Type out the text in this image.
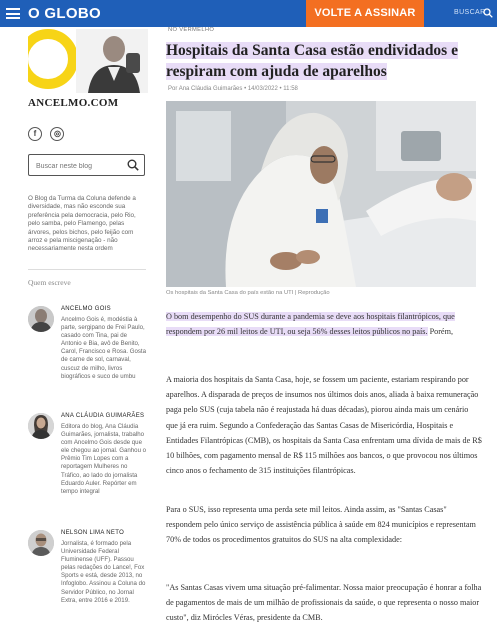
O GLOBO	VOLTE A ASSINAR	BUSCAR
ANCELMO.COM
f ◎
Buscar neste blog
O Blog da Turma da Coluna defende a diversidade, mas não esconde sua preferência pela democracia, pelo Rio, pelo samba, pelo Flamengo, pelas árvores, pelos bichos, pelo feijão com arroz e pela miscigenação - não necessariamente nesta ordem
Quem escreve
ANCELMO GOIS
Ancelmo Gois é, modéstia à parte, sergipano de Frei Paulo, casado com Tina, pai de Antonio e Bia, avô de Benito, Carol, Francisco e Rosa. Gosta de carne de sol, carnaval, cuscuz de milho, livros biográficos e suco de umbu
ANA CLÁUDIA GUIMARÃES
Editora do blog, Ana Cláudia Guimarães, jornalista, trabalho com Ancelmo Gois desde que ele chegou ao jornal. Ganhou o Prêmio Tim Lopes com a reportagem Mulheres no Tráfico, ao lado do jornalista Eduardo Auler. Repórter em tempo integral
NELSON LIMA NETO
Jornalista, é formado pela Universidade Federal Fluminense (UFF). Passou pelas redações do Lance!, Fox Sports e está, desde 2013, no Infoglobo. Assinou a Coluna do Servidor Público, no Jornal Extra, entre 2016 e 2019.
NO VERMELHO
Hospitais da Santa Casa estão endividados e respiram com ajuda de aparelhos
Por Ana Cláudia Guimarães • 14/03/2022 • 11:58
Os hospitais da Santa Casa do país estão na UTI | Reprodução

O bom desempenho do SUS durante a pandemia se deve aos hospitais filantrópicos, que respondem por 26 mil leitos de UTI, ou seja 56% desses leitos públicos no país. Porém,

A maioria dos hospitais da Santa Casa, hoje, se fossem um paciente, estariam respirando por aparelhos. A disparada de preços de insumos nos últimos dois anos, aliada à baixa remuneração paga pelo SUS (cuja tabela não é reajustada há duas décadas), piorou ainda mais um cenário que já era ruim. Segundo a Confederação das Santas Casas de Misericórdia, Hospitais e Entidades Filantrópicas (CMB), os hospitais da Santa Casa enfrentam uma dívida de mais de R$ 10 bilhões, com pagamento mensal de R$ 115 milhões aos bancos, o que provocou nos últimos cinco anos o fechamento de 315 instituições filantrópicas.

Para o SUS, isso representa uma perda sete mil leitos. Ainda assim, as "Santas Casas" respondem pelo único serviço de assistência pública à saúde em 824 municípios e representam 70% de todos os procedimentos gratuitos do SUS na alta complexidade:

"As Santas Casas vivem uma situação pré-falimentar. Nossa maior preocupação é honrar a folha de pagamentos de mais de um milhão de profissionais da saúde, o que representa o nosso maior custo", diz Mirócles Véras, presidente da CMB.
